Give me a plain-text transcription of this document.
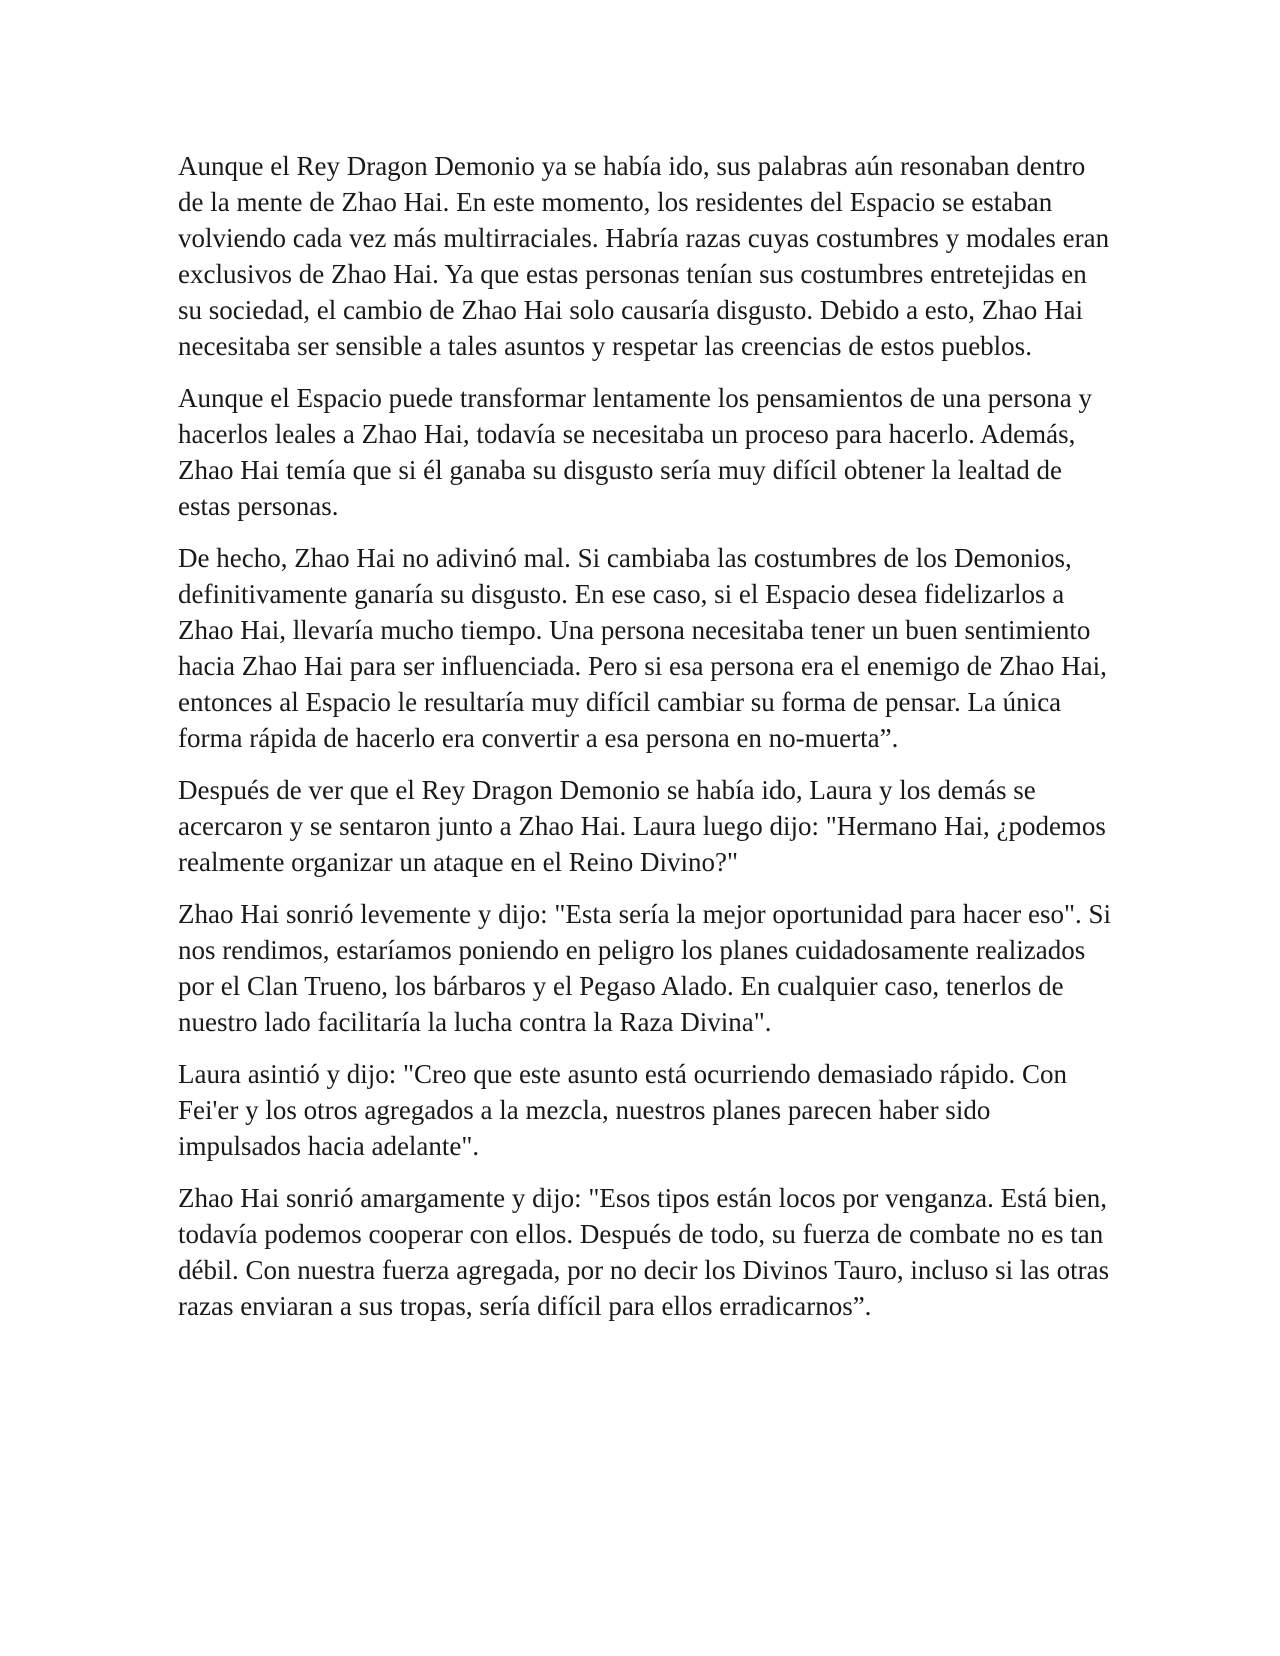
Aunque el Rey Dragon Demonio ya se había ido, sus palabras aún resonaban dentro de la mente de Zhao Hai. En este momento, los residentes del Espacio se estaban volviendo cada vez más multirraciales. Habría razas cuyas costumbres y modales eran exclusivos de Zhao Hai. Ya que estas personas tenían sus costumbres entretejidas en su sociedad, el cambio de Zhao Hai solo causaría disgusto. Debido a esto, Zhao Hai necesitaba ser sensible a tales asuntos y respetar las creencias de estos pueblos.

Aunque el Espacio puede transformar lentamente los pensamientos de una persona y hacerlos leales a Zhao Hai, todavía se necesitaba un proceso para hacerlo. Además, Zhao Hai temía que si él ganaba su disgusto sería muy difícil obtener la lealtad de estas personas.

De hecho, Zhao Hai no adivinó mal. Si cambiaba las costumbres de los Demonios, definitivamente ganaría su disgusto. En ese caso, si el Espacio desea fidelizarlos a Zhao Hai, llevaría mucho tiempo. Una persona necesitaba tener un buen sentimiento hacia Zhao Hai para ser influenciada. Pero si esa persona era el enemigo de Zhao Hai, entonces al Espacio le resultaría muy difícil cambiar su forma de pensar. La única forma rápida de hacerlo era convertir a esa persona en no-muerta”.

Después de ver que el Rey Dragon Demonio se había ido, Laura y los demás se acercaron y se sentaron junto a Zhao Hai. Laura luego dijo: "Hermano Hai, ¿podemos realmente organizar un ataque en el Reino Divino?"

Zhao Hai sonrió levemente y dijo: "Esta sería la mejor oportunidad para hacer eso". Si nos rendimos, estaríamos poniendo en peligro los planes cuidadosamente realizados por el Clan Trueno, los bárbaros y el Pegaso Alado. En cualquier caso, tenerlos de nuestro lado facilitaría la lucha contra la Raza Divina".

Laura asintió y dijo: "Creo que este asunto está ocurriendo demasiado rápido. Con Fei'er y los otros agregados a la mezcla, nuestros planes parecen haber sido impulsados hacia adelante".

Zhao Hai sonrió amargamente y dijo: "Esos tipos están locos por venganza. Está bien, todavía podemos cooperar con ellos. Después de todo, su fuerza de combate no es tan débil. Con nuestra fuerza agregada, por no decir los Divinos Tauro, incluso si las otras razas enviaran a sus tropas, sería difícil para ellos erradicarnos”.
